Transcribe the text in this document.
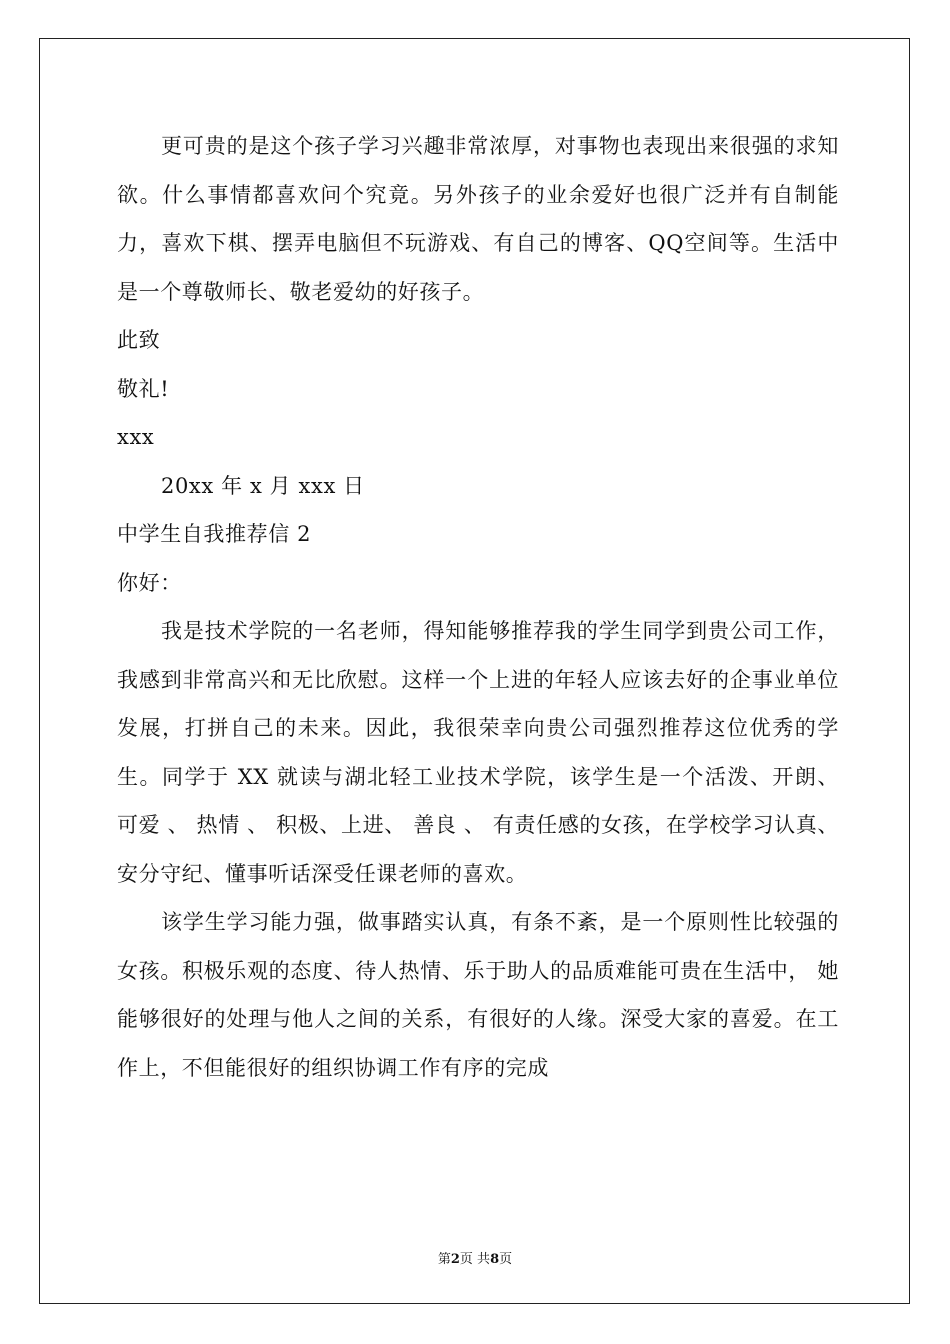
更可贵的是这个孩子学习兴趣非常浓厚，对事物也表现出来很强的求知欲。什么事情都喜欢问个究竟。另外孩子的业余爱好也很广泛并有自制能力，喜欢下棋、摆弄电脑但不玩游戏、有自己的博客、QQ空间等。生活中是一个尊敬师长、敬老爱幼的好孩子。

此致

敬礼!

xxx

20xx 年 x 月 xxx 日

中学生自我推荐信 2

你好：

我是技术学院的一名老师，得知能够推荐我的学生同学到贵公司工作，我感到非常高兴和无比欣慰。这样一个上进的年轻人应该去好的企事业单位发展，打拼自己的未来。因此，我很荣幸向贵公司强烈推荐这位优秀的学生。同学于 XX 就读与湖北轻工业技术学院，该学生是一个活泼、开朗、 可爱 、 热情 、 积极、上进、 善良 、 有责任感的女孩，在学校学习认真、安分守纪、懂事听话深受任课老师的喜欢。

该学生学习能力强，做事踏实认真，有条不紊，是一个原则性比较强的女孩。积极乐观的态度、待人热情、乐于助人的品质难能可贵在生活中， 她能够很好的处理与他人之间的关系，有很好的人缘。深受大家的喜爱。在工作上，不但能很好的组织协调工作有序的完成

第2页 共8页
